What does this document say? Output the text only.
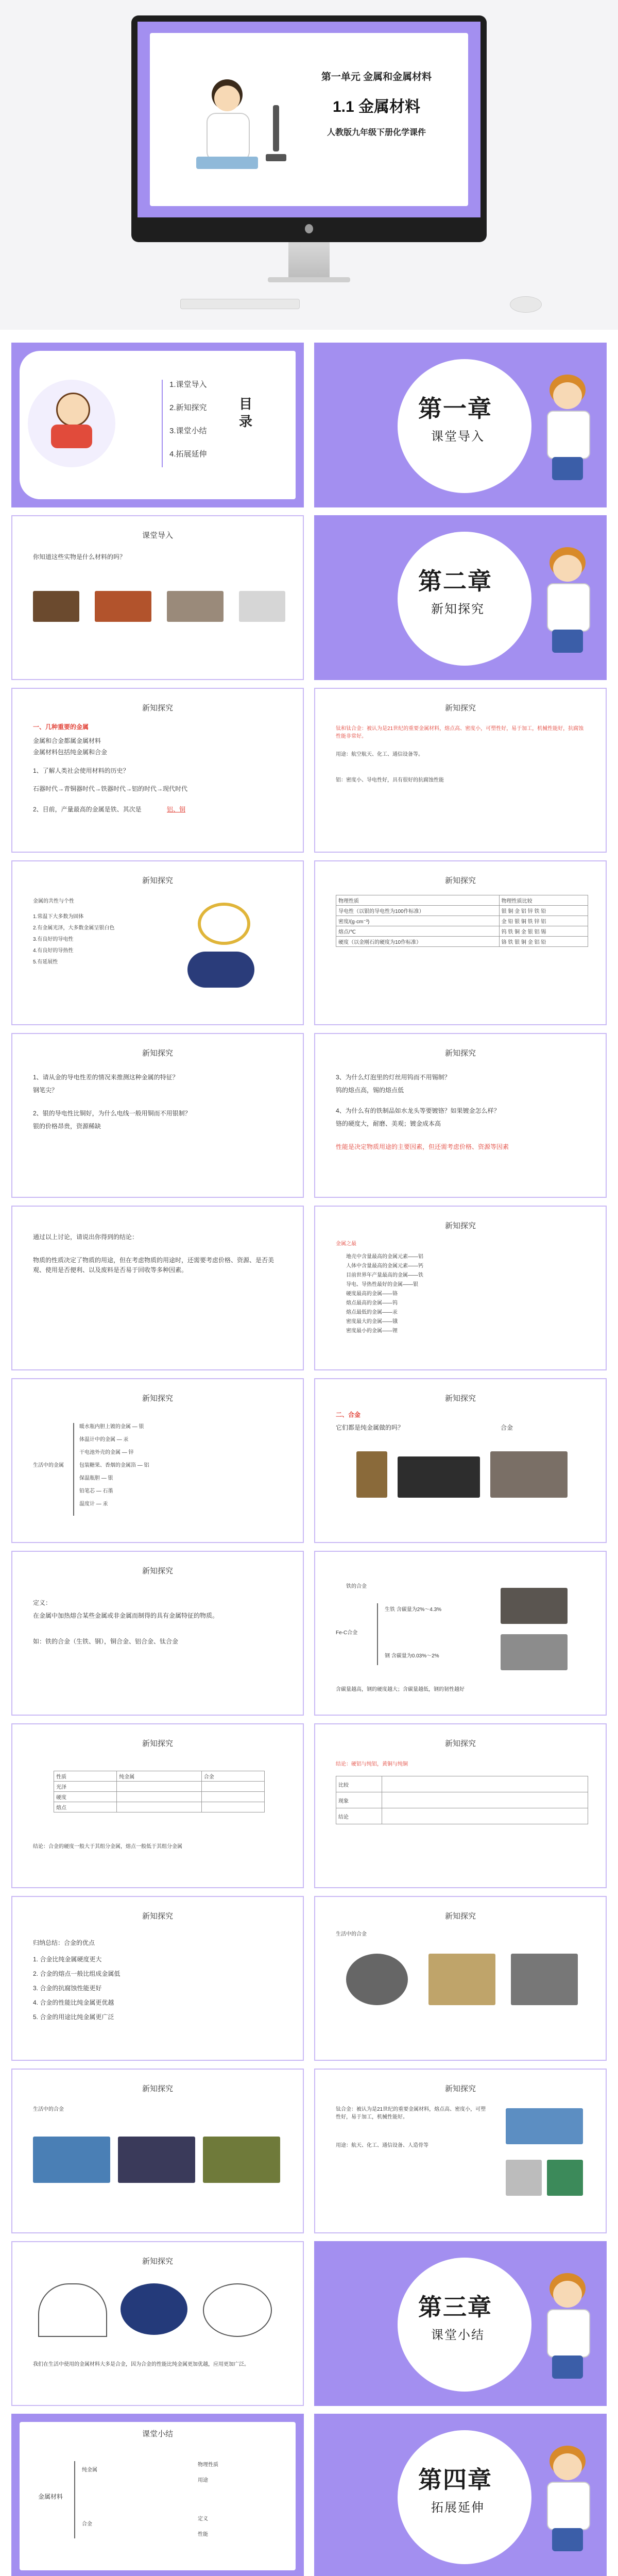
第一单元 金属和金属材料
1.1 金属材料
人教版九年级下册化学课件
1.课堂导入
2.新知探究
3.课堂小结
4.拓展延伸
目录	第一章
课堂导入
课堂导入
你知道这些实物是什么材料的吗？
第二章
新知探究
新知探究
一、几种重要的金属
金属和合金都属金属材料
金属材料包括纯金属和合金
1、了解人类社会使用材料的历史？
石器时代→青铜器时代→铁器时代→铝的时代→现代时代
2、目前，产量最高的金属是铁、其次是	铝、铜
新知探究
钛和钛合金：被认为是21世纪的重要金属材料，熔点高、密度小，可塑性好，易于加工，机械性能好，抗腐蚀性能非常好。
用途：航空航天、化工、通信设备等。
铝：密度小、导电性好，具有很好的抗腐蚀性能
新知探究
金属的共性与个性
1.常温下大多数为固体
2.有金属光泽，大多数金属呈银白色
3.有良好的导电性
4.有良好的导热性
5.有延展性
新知探究
物理性质	物理性质比较
导电性（以银的导电性为100作标准）	银 铜 金 铝 锌 铁 铅
密度/(g·cm⁻³)	金 铅 银 铜 铁 锌 铝
熔点/℃	钨 铁 铜 金 银 铝 锡
硬度（以金刚石的硬度为10作标准）	铬 铁 银 铜 金 铝 铅
新知探究
1、请从金的导电性差的情况来推测这种金属的特征？
钢笔尖？
2、银的导电性比铜好，为什么电线一般用铜而不用银制？
银的价格昂贵，资源稀缺
新知探究
3、为什么灯泡里的灯丝用钨而不用锡制？
钨的熔点高，锡的熔点低
4、为什么有的铁制品如水龙头等要镀铬？如果镀金怎么样？
铬的硬度大，耐磨、美观；镀金成本高
性能是决定物质用途的主要因素，但还需考虑价格、资源等因素
通过以上讨论，请说出你得到的结论：
物质的性质决定了物质的用途，但在考虑物质的用途时，还需要考虑价格、资源、是否美观、使用是否便利、以及废料是否易于回收等多种因素。
新知探究
金属之最
地壳中含量最高的金属元素——铝
人体中含量最高的金属元素——钙
目前世界年产量最高的金属——铁
导电、导热性最好的金属——银
硬度最高的金属——铬
熔点最高的金属——钨
熔点最低的金属——汞
密度最大的金属——锇
密度最小的金属——锂
新知探究
生活中的金属
暖水瓶内胆上镀的金属 — 银
体温计中的金属 — 汞
干电池外壳的金属 — 锌
包装糖果、香烟的金属箔 — 铝
保温瓶胆 — 银
铅笔芯 — 石墨
温度计 — 汞
新知探究
二、合金
它们都是纯金属做的吗？	合金
新知探究
定义：
在金属中加热熔合某些金属或非金属而制得的具有金属特征的物质。
如：铁的合金（生铁、钢），铜合金、铝合金、钛合金
铁的合金
Fe-C合金
生铁 含碳量为2%～4.3%
钢 含碳量为0.03%～2%
含碳量越高，钢的硬度越大；含碳量越低，钢的韧性越好
新知探究
性质	纯金属	合金
光泽		
硬度		
熔点		
结论：合金的硬度一般大于其组分金属，熔点一般低于其组分金属
新知探究
结论：硬铝与纯铝，黄铜与纯铜
比较	
现象	
结论	
新知探究
归纳总结：合金的优点
1. 合金比纯金属硬度更大
2. 合金的熔点一般比组成金属低
3. 合金的抗腐蚀性能更好
4. 合金的性能比纯金属更优越
5. 合金的用途比纯金属更广泛
新知探究
生活中的合金
新知探究
生活中的合金
新知探究
钛合金：被认为是21世纪的重要金属材料，熔点高、密度小，可塑性好，易于加工，机械性能好。
用途：航天、化工、通信设备、人造骨等
新知探究
我们在生活中使用的金属材料大多是合金，因为合金的性能比纯金属更加优越，应用更加广泛。
第三章
课堂小结
课堂小结
金属材料
纯金属
合金
物理性质
用途
定义
性能
第四章
拓展延伸
